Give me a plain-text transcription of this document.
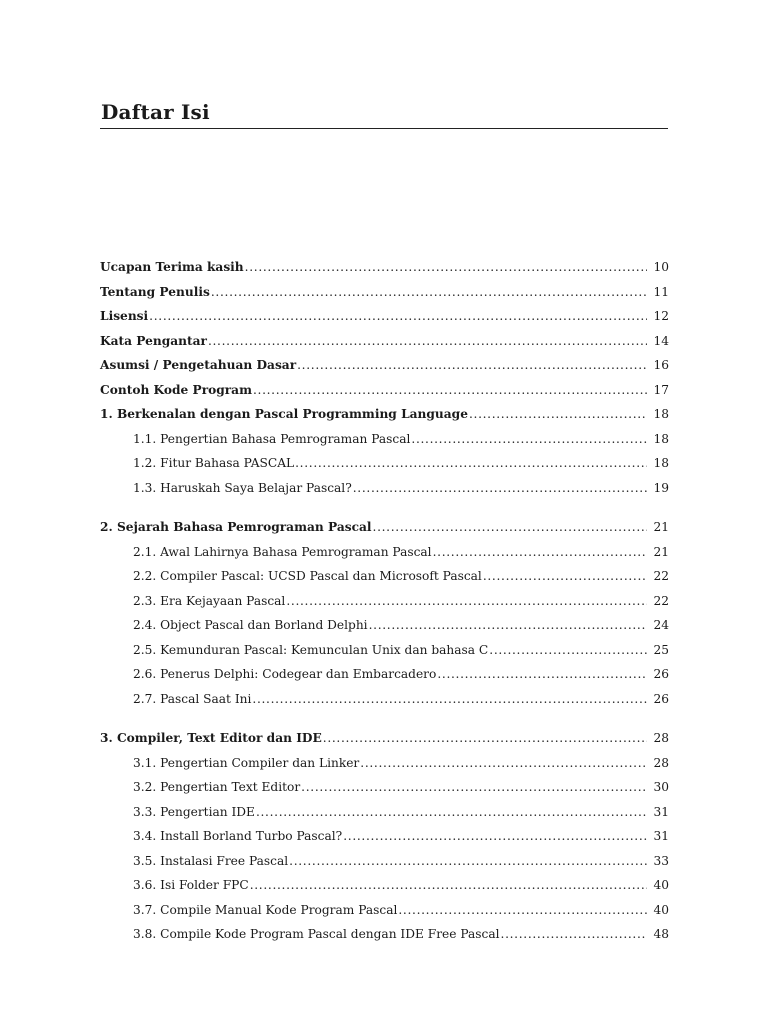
Daftar Isi
Ucapan Terima kasih . . .	10
Tentang Penulis . . .	11
Lisensi . . .	12
Kata Pengantar . . .	14
Asumsi / Pengetahuan Dasar . . .	16
Contoh Kode Program . . .	17
1. Berkenalan dengan Pascal Programming Language . . .	18
1.1. Pengertian Bahasa Pemrograman Pascal . . .	18
1.2. Fitur Bahasa PASCAL . . .	18
1.3. Haruskah Saya Belajar Pascal? . . .	19
2. Sejarah Bahasa Pemrograman Pascal . . .	21
2.1. Awal Lahirnya Bahasa Pemrograman Pascal . . .	21
2.2. Compiler Pascal: UCSD Pascal dan Microsoft Pascal . . .	22
2.3. Era Kejayaan Pascal . . .	22
2.4. Object Pascal dan Borland Delphi . . .	24
2.5. Kemunduran Pascal: Kemunculan Unix dan bahasa C . . .	25
2.6. Penerus Delphi: Codegear dan Embarcadero . . .	26
2.7. Pascal Saat Ini . . .	26
3. Compiler, Text Editor dan IDE . . .	28
3.1. Pengertian Compiler dan Linker . . .	28
3.2. Pengertian Text Editor . . .	30
3.3. Pengertian IDE . . .	31
3.4. Install Borland Turbo Pascal? . . .	31
3.5. Instalasi Free Pascal . . .	33
3.6. Isi Folder FPC . . .	40
3.7. Compile Manual Kode Program Pascal . . .	40
3.8. Compile Kode Program Pascal dengan IDE Free Pascal . . .	48
